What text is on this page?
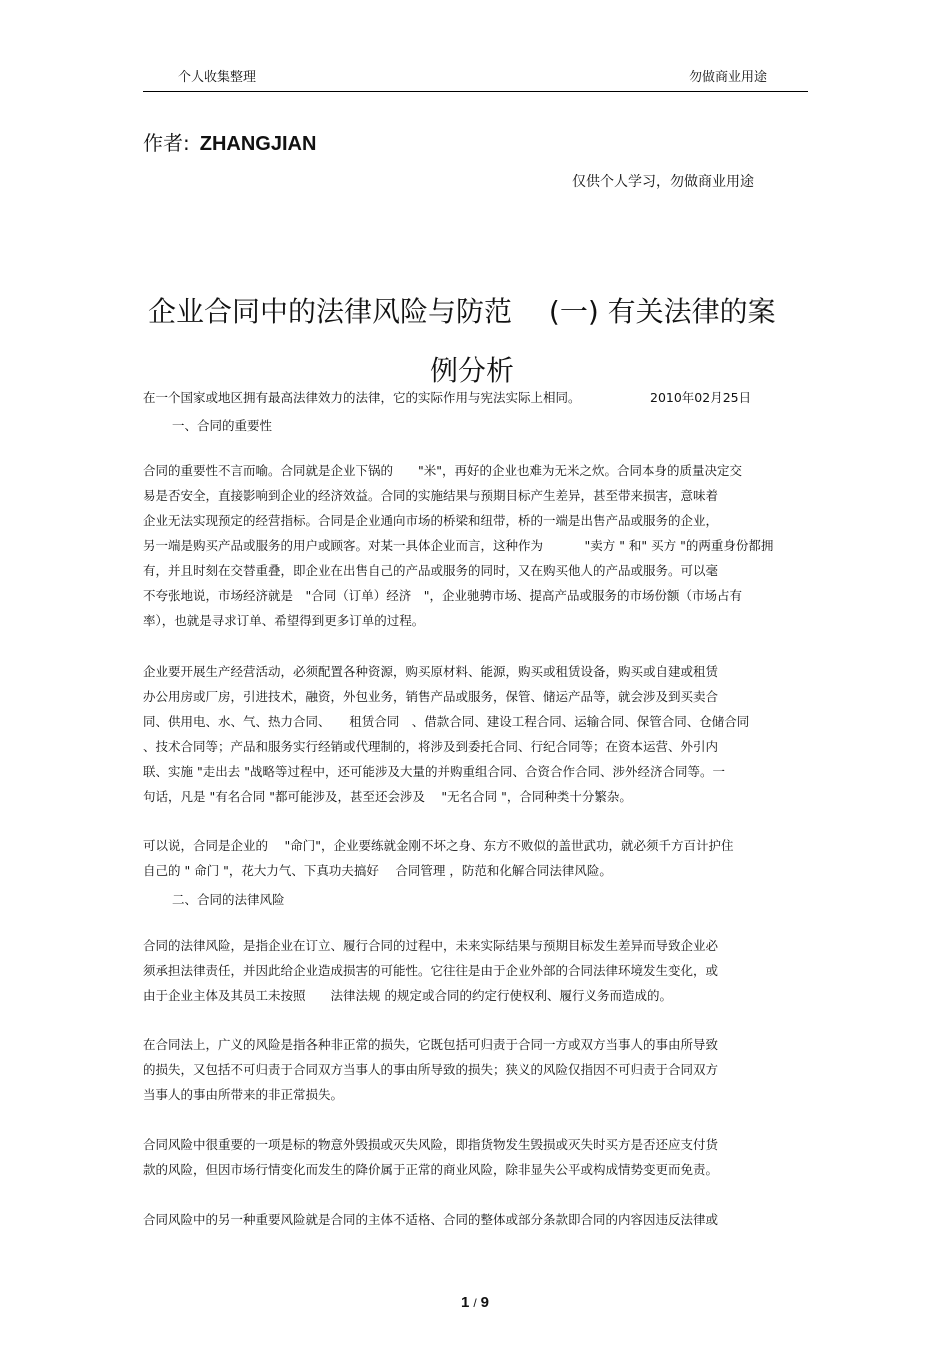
个人收集整理	勿做商业用途
作者: ZHANGJIAN
仅供个人学习，勿做商业用途
企业合同中的法律风险与防范　 (一) 有关法律的案
例分析
在一个国家或地区拥有最高法律效力的法律，它的实际作用与宪法实际上相同。	2010年02月25日
一、合同的重要性
合同的重要性不言而喻。合同就是企业下锅的　　"米"，再好的企业也难为无米之炊。合同本身的质量决定交
易是否安全，直接影响到企业的经济效益。合同的实施结果与预期目标产生差异，甚至带来损害，意味着
企业无法实现预定的经营指标。合同是企业通向市场的桥梁和纽带，桥的一端是出售产品或服务的企业，
另一端是购买产品或服务的用户或顾客。对某一具体企业而言，这种作为　　　 "卖方 " 和" 买方 "的两重身份都拥
有，并且时刻在交替重叠，即企业在出售自己的产品或服务的同时，又在购买他人的产品或服务。可以毫
不夸张地说，市场经济就是　"合同（订单）经济　"，企业驰骋市场、提高产品或服务的市场份额（市场占有
率），也就是寻求订单、希望得到更多订单的过程。
企业要开展生产经营活动，必须配置各种资源，购买原材料、能源，购买或租赁设备，购买或自建或租赁
办公用房或厂房，引进技术，融资，外包业务，销售产品或服务，保管、储运产品等，就会涉及到买卖合
同、供用电、水、气、热力合同、　　租赁合同　、借款合同、建设工程合同、运输合同、保管合同、仓储合同
、技术合同等；产品和服务实行经销或代理制的，将涉及到委托合同、行纪合同等；在资本运营、外引内
联、实施 "走出去 "战略等过程中，还可能涉及大量的并购重组合同、合资合作合同、涉外经济合同等。一
句话，凡是 "有名合同 "都可能涉及，甚至还会涉及　 "无名合同 "，合同种类十分繁杂。
可以说，合同是企业的　 "命门"，企业要练就金刚不坏之身、东方不败似的盖世武功，就必须千方百计护住
自己的 " 命门 "，花大力气、下真功夫搞好　 合同管理 ，防范和化解合同法律风险。
二、合同的法律风险
合同的法律风险，是指企业在订立、履行合同的过程中，未来实际结果与预期目标发生差异而导致企业必
须承担法律责任，并因此给企业造成损害的可能性。它往往是由于企业外部的合同法律环境发生变化，或
由于企业主体及其员工未按照　　法律法规 的规定或合同的约定行使权利、履行义务而造成的。
在合同法上，广义的风险是指各种非正常的损失，它既包括可归责于合同一方或双方当事人的事由所导致
的损失，又包括不可归责于合同双方当事人的事由所导致的损失；狭义的风险仅指因不可归责于合同双方
当事人的事由所带来的非正常损失。
合同风险中很重要的一项是标的物意外毁损或灭失风险，即指货物发生毁损或灭失时买方是否还应支付货
款的风险，但因市场行情变化而发生的降价属于正常的商业风险，除非显失公平或构成情势变更而免责。
合同风险中的另一种重要风险就是合同的主体不适格、合同的整体或部分条款即合同的内容因违反法律或
1 / 9
